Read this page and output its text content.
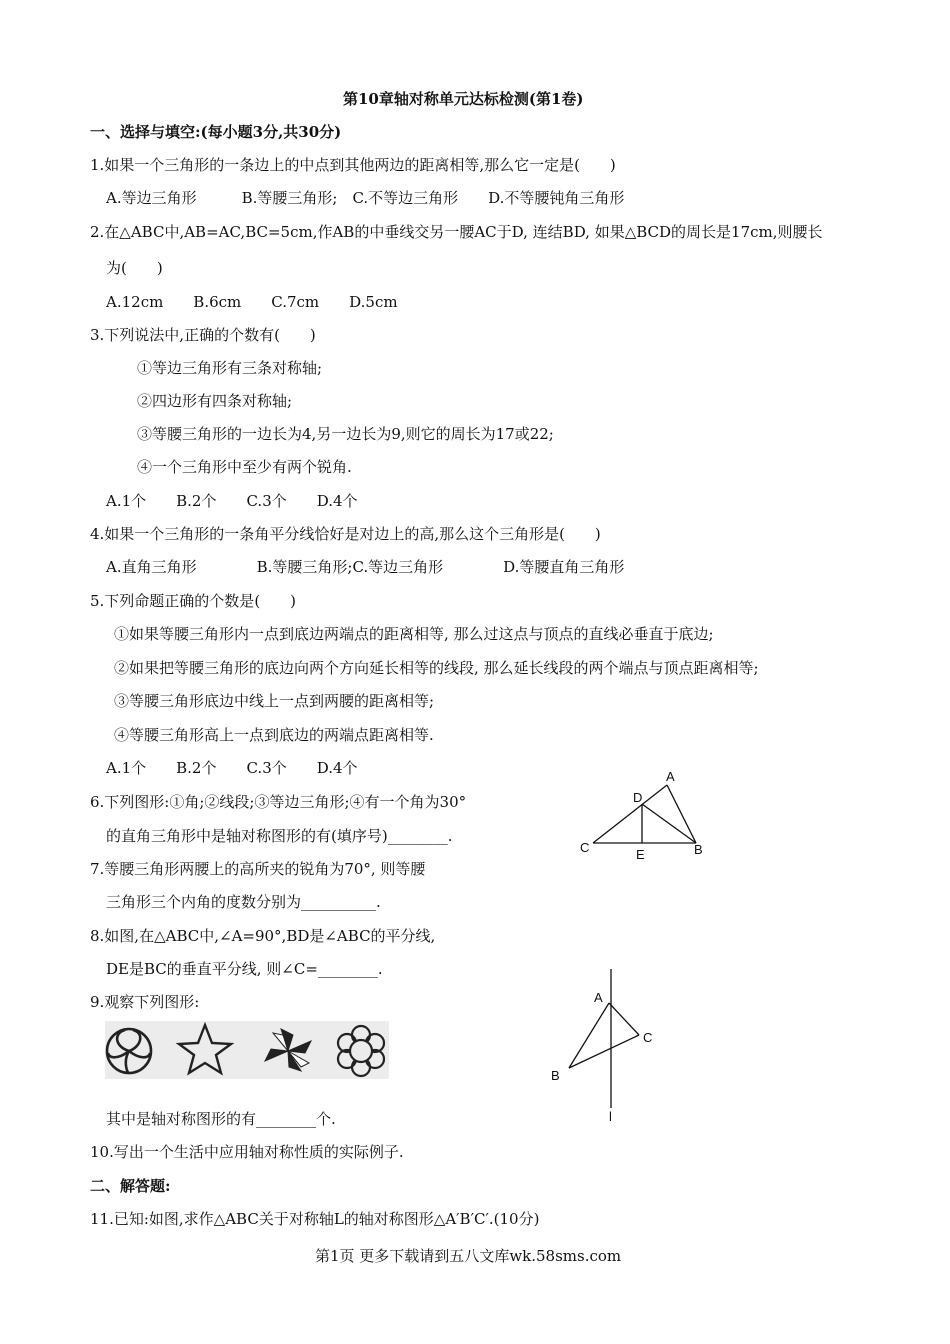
第10章轴对称单元达标检测(第1卷)
一、选择与填空:(每小题3分,共30分)
1.如果一个三角形的一条边上的中点到其他两边的距离相等,那么它一定是(　　)
A.等边三角形　　　B.等腰三角形;　C.不等边三角形　　D.不等腰钝角三角形
2.在△ABC中,AB=AC,BC=5cm,作AB的中垂线交另一腰AC于D, 连结BD, 如果△BCD的周长是17cm,则腰长
为(　　)
A.12cm　　B.6cm　　C.7cm　　D.5cm
3.下列说法中,正确的个数有(　　)
①等边三角形有三条对称轴;
②四边形有四条对称轴;
③等腰三角形的一边长为4,另一边长为9,则它的周长为17或22;
④一个三角形中至少有两个锐角.
A.1个　　B.2个　　C.3个　　D.4个
4.如果一个三角形的一条角平分线恰好是对边上的高,那么这个三角形是(　　)
A.直角三角形　　　　B.等腰三角形;C.等边三角形　　　　D.等腰直角三角形
5.下列命题正确的个数是(　　)
①如果等腰三角形内一点到底边两端点的距离相等, 那么过这点与顶点的直线必垂直于底边;
②如果把等腰三角形的底边向两个方向延长相等的线段, 那么延长线段的两个端点与顶点距离相等;
③等腰三角形底边中线上一点到两腰的距离相等;
④等腰三角形高上一点到底边的两端点距离相等.
A.1个　　B.2个　　C.3个　　D.4个
6.下列图形:①角;②线段;③等边三角形;④有一个角为30°
的直角三角形中是轴对称图形的有(填序号)________.
7.等腰三角形两腰上的高所夹的锐角为70°, 则等腰
三角形三个内角的度数分别为__________.
8.如图,在△ABC中,∠A=90°,BD是∠ABC的平分线,
DE是BC的垂直平分线, 则∠C=________.
9.观察下列图形:
其中是轴对称图形的有________个.
10.写出一个生活中应用轴对称性质的实际例子.
二、解答题:
11.已知:如图,求作△ABC关于对称轴L的轴对称图形△A′B′C′.(10分)
第1页 更多下载请到五八文库wk.58sms.com
A
D
C	E	B
A
C
B
l
